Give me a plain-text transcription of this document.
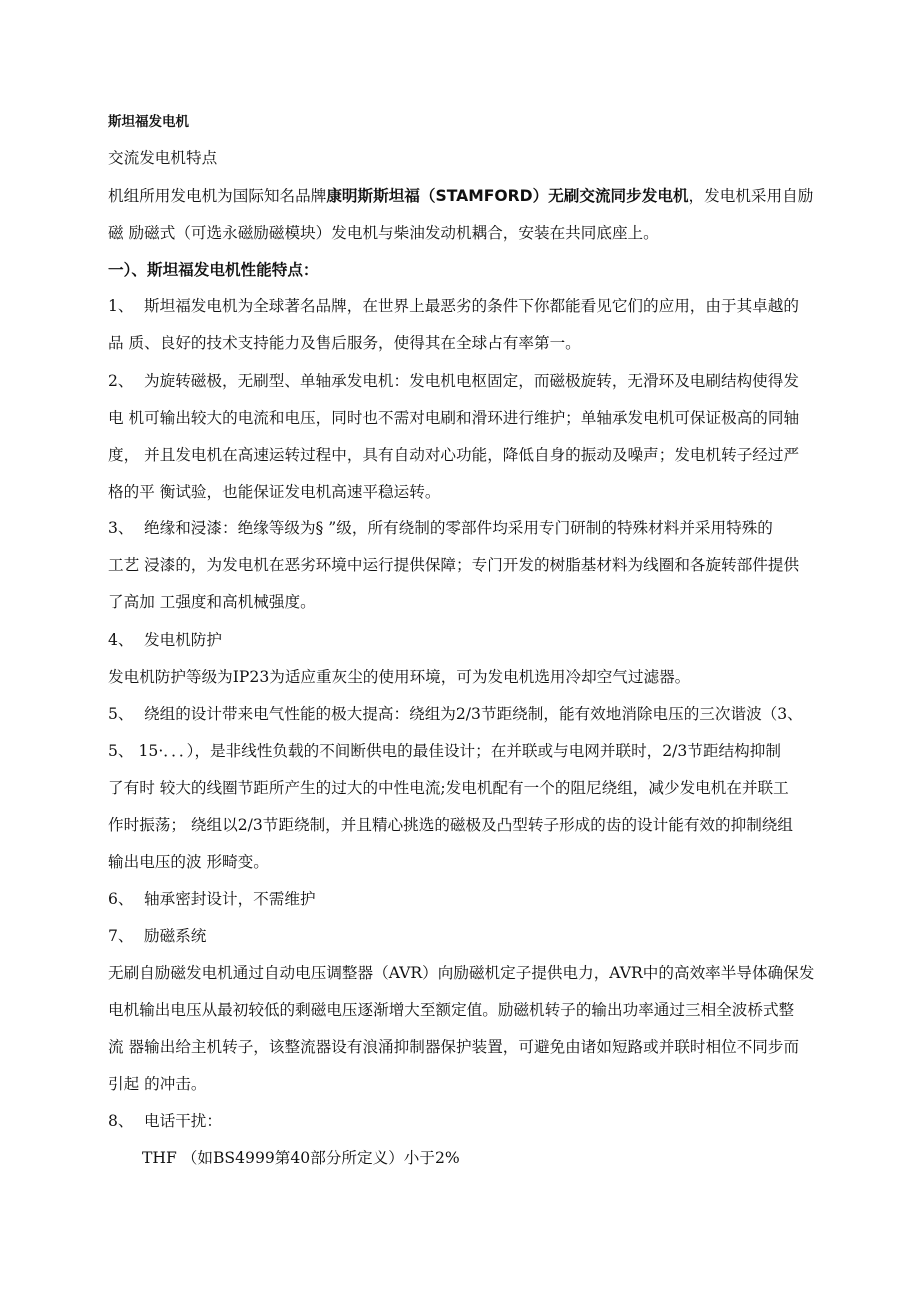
斯坦福发电机
交流发电机特点
机组所用发电机为国际知名品牌康明斯斯坦福（STAMFORD）无刷交流同步发电机，发电机采用自励
磁 励磁式（可选永磁励磁模块）发电机与柴油发动机耦合，安装在共同底座上。
一）、斯坦福发电机性能特点：
1、 斯坦福发电机为全球著名品牌，在世界上最恶劣的条件下你都能看见它们的应用，由于其卓越的
品 质、良好的技术支持能力及售后服务，使得其在全球占有率第一。
2、 为旋转磁极，无刷型、单轴承发电机：发电机电枢固定，而磁极旋转，无滑环及电刷结构使得发
电 机可输出较大的电流和电压，同时也不需对电刷和滑环进行维护；单轴承发电机可保证极高的同轴
度， 并且发电机在高速运转过程中，具有自动对心功能，降低自身的振动及噪声；发电机转子经过严
格的平 衡试验，也能保证发电机高速平稳运转。
3、 绝缘和浸漆：绝缘等级为§ ”级，所有绕制的零部件均采用专门研制的特殊材料并采用特殊的
工艺 浸漆的，为发电机在恶劣环境中运行提供保障；专门开发的树脂基材料为线圈和各旋转部件提供
了高加 工强度和高机械强度。
4、 发电机防护
发电机防护等级为IP23为适应重灰尘的使用环境，可为发电机选用冷却空气过滤器。
5、 绕组的设计带来电气性能的极大提高：绕组为2/3节距绕制，能有效地消除电压的三次谐波（3、
5、 15·．．．），是非线性负载的不间断供电的最佳设计；在并联或与电网并联时，2/3节距结构抑制
了有时 较大的线圈节距所产生的过大的中性电流;发电机配有一个的阻尼绕组，减少发电机在并联工
作时振荡； 绕组以2/3节距绕制，并且精心挑选的磁极及凸型转子形成的齿的设计能有效的抑制绕组
输出电压的波 形畸变。
6、 轴承密封设计，不需维护
7、 励磁系统
无刷自励磁发电机通过自动电压调整器（AVR）向励磁机定子提供电力，AVR中的高效率半导体确保发
电机输出电压从最初较低的剩磁电压逐渐增大至额定值。励磁机转子的输出功率通过三相全波桥式整
流 器输出给主机转子，该整流器设有浪涌抑制器保护装置，可避免由诸如短路或并联时相位不同步而
引起 的冲击。
8、 电话干扰：
THF （如BS4999第40部分所定义）小于2%
